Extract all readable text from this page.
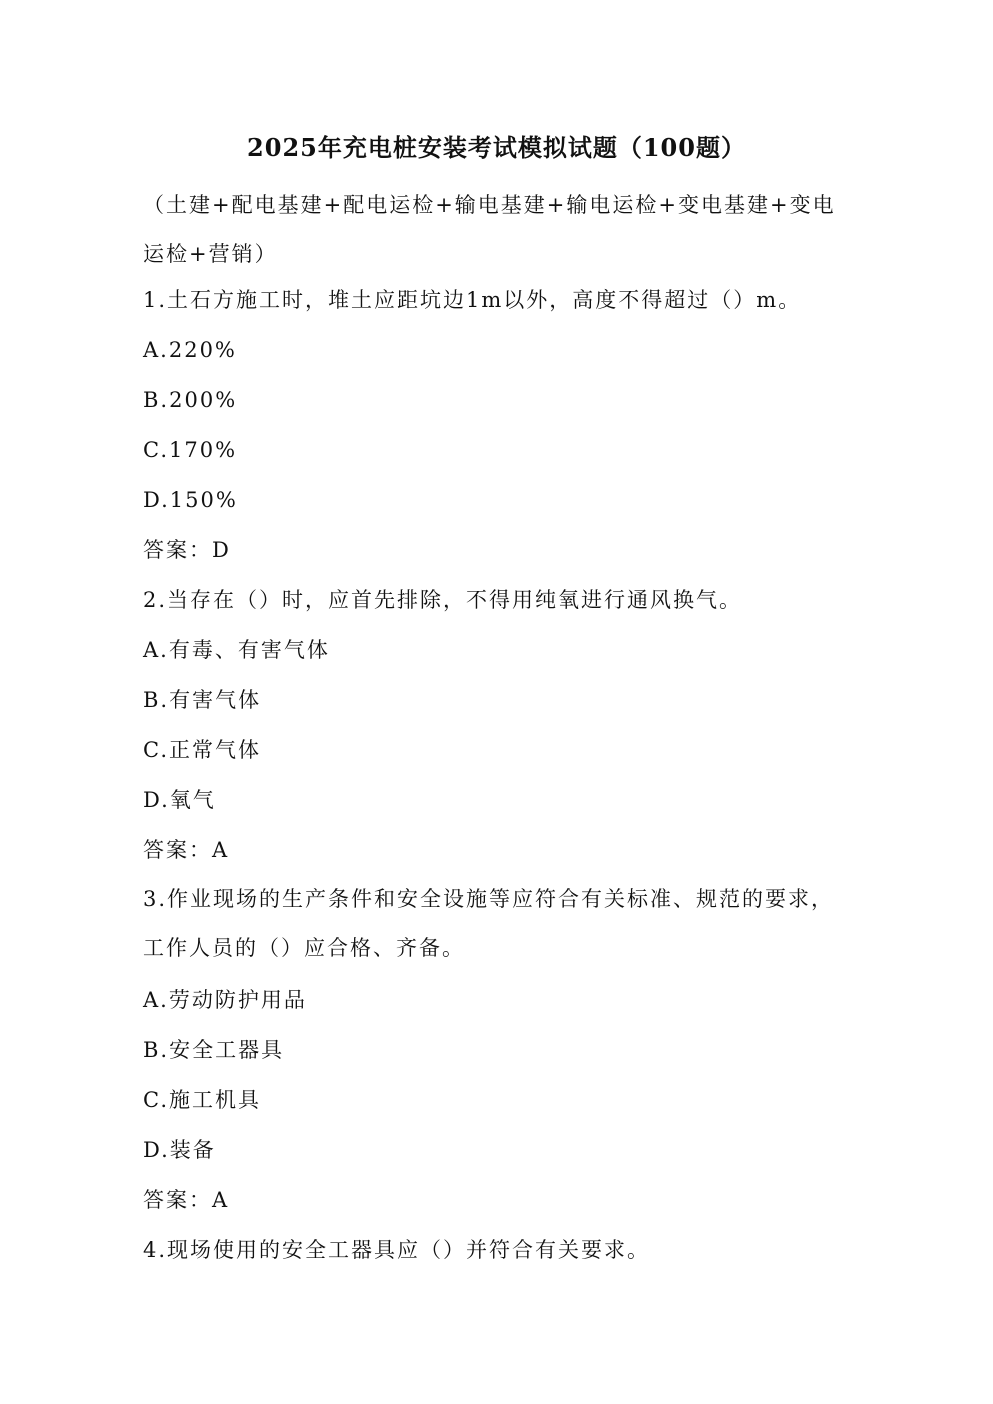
2025年充电桩安装考试模拟试题（100题）
（土建+配电基建+配电运检+输电基建+输电运检+变电基建+变电运检+营销）
1.土石方施工时，堆土应距坑边1m以外，高度不得超过（）m。
A.220%
B.200%
C.170%
D.150%
答案：D
2.当存在（）时，应首先排除，不得用纯氧进行通风换气。
A.有毒、有害气体
B.有害气体
C.正常气体
D.氧气
答案：A
3.作业现场的生产条件和安全设施等应符合有关标准、规范的要求，工作人员的（）应合格、齐备。
A.劳动防护用品
B.安全工器具
C.施工机具
D.装备
答案：A
4.现场使用的安全工器具应（）并符合有关要求。
